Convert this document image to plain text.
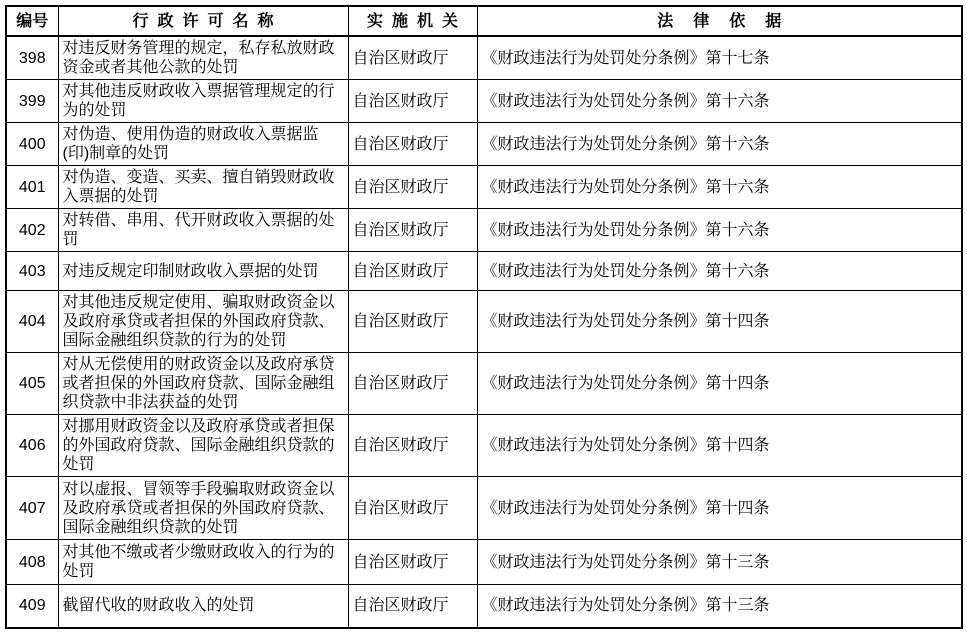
编号	行政许可名称	实施机关	法律依据
398	对违反财务管理的规定，私存私放财政资金或者其他公款的处罚	自治区财政厅	《财政违法行为处罚处分条例》第十七条
399	对其他违反财政收入票据管理规定的行为的处罚	自治区财政厅	《财政违法行为处罚处分条例》第十六条
400	对伪造、使用伪造的财政收入票据监(印)制章的处罚	自治区财政厅	《财政违法行为处罚处分条例》第十六条
401	对伪造、变造、买卖、擅自销毁财政收入票据的处罚	自治区财政厅	《财政违法行为处罚处分条例》第十六条
402	对转借、串用、代开财政收入票据的处罚	自治区财政厅	《财政违法行为处罚处分条例》第十六条
403	对违反规定印制财政收入票据的处罚	自治区财政厅	《财政违法行为处罚处分条例》第十六条
404	对其他违反规定使用、骗取财政资金以及政府承贷或者担保的外国政府贷款、国际金融组织贷款的行为的处罚	自治区财政厅	《财政违法行为处罚处分条例》第十四条
405	对从无偿使用的财政资金以及政府承贷或者担保的外国政府贷款、国际金融组织贷款中非法获益的处罚	自治区财政厅	《财政违法行为处罚处分条例》第十四条
406	对挪用财政资金以及政府承贷或者担保的外国政府贷款、国际金融组织贷款的处罚	自治区财政厅	《财政违法行为处罚处分条例》第十四条
407	对以虚报、冒领等手段骗取财政资金以及政府承贷或者担保的外国政府贷款、国际金融组织贷款的处罚	自治区财政厅	《财政违法行为处罚处分条例》第十四条
408	对其他不缴或者少缴财政收入的行为的处罚	自治区财政厅	《财政违法行为处罚处分条例》第十三条
409	截留代收的财政收入的处罚	自治区财政厅	《财政违法行为处罚处分条例》第十三条
